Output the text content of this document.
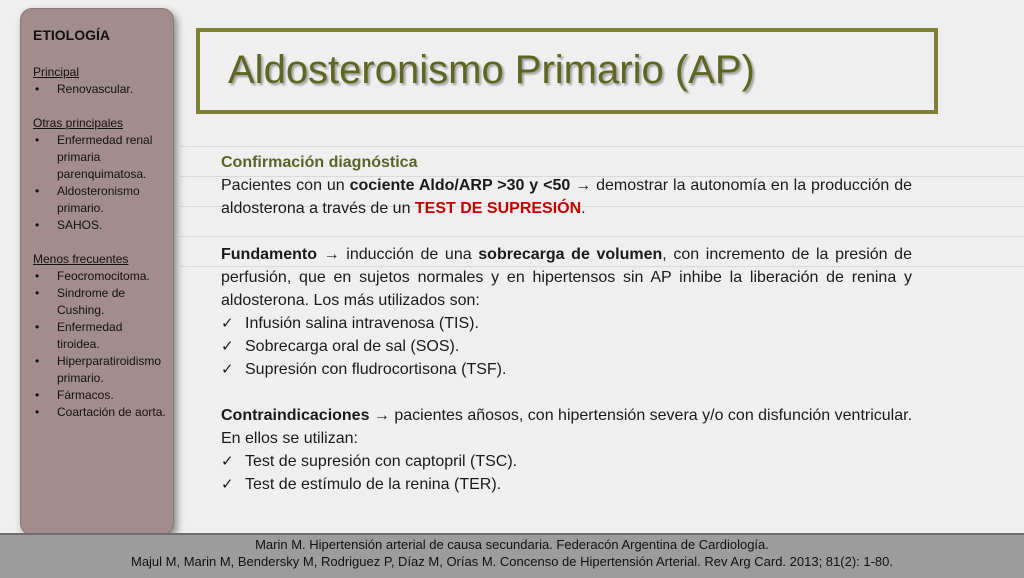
ETIOLOGÍA
Principal
• Renovascular.
Otras principales
• Enfermedad renal primaria parenquimatosa.
• Aldosteronismo primario.
• SAHOS.
Menos frecuentes
• Feocromocitoma.
• Sindrome de Cushing.
• Enfermedad tiroidea.
• Hiperparatiroidismo primario.
• Fármacos.
• Coartación de aorta.
Aldosteronismo Primario (AP)
Confirmación diagnóstica

Pacientes con un cociente Aldo/ARP >30 y <50 → demostrar la autonomía en la producción de aldosterona a través de un TEST DE SUPRESIÓN.

Fundamento → inducción de una sobrecarga de volumen, con incremento de la presión de perfusión, que en sujetos normales y en hipertensos sin AP inhibe la liberación de renina y aldosterona. Los más utilizados son:

✓ Infusión salina intravenosa (TIS).
✓ Sobrecarga oral de sal (SOS).
✓ Supresión con fludrocortisona (TSF).

Contraindicaciones → pacientes añosos, con hipertensión severa y/o con disfunción ventricular. En ellos se utilizan:

✓ Test de supresión con captopril (TSC).
✓ Test de estímulo de la renina (TER).
Marin M. Hipertensión arterial de causa secundaria. Federacón Argentina de Cardiología.
Majul M, Marin M, Bendersky M, Rodriguez P, Díaz M, Orías M. Concenso de Hipertensión Arterial. Rev Arg Card. 2013; 81(2): 1-80.
